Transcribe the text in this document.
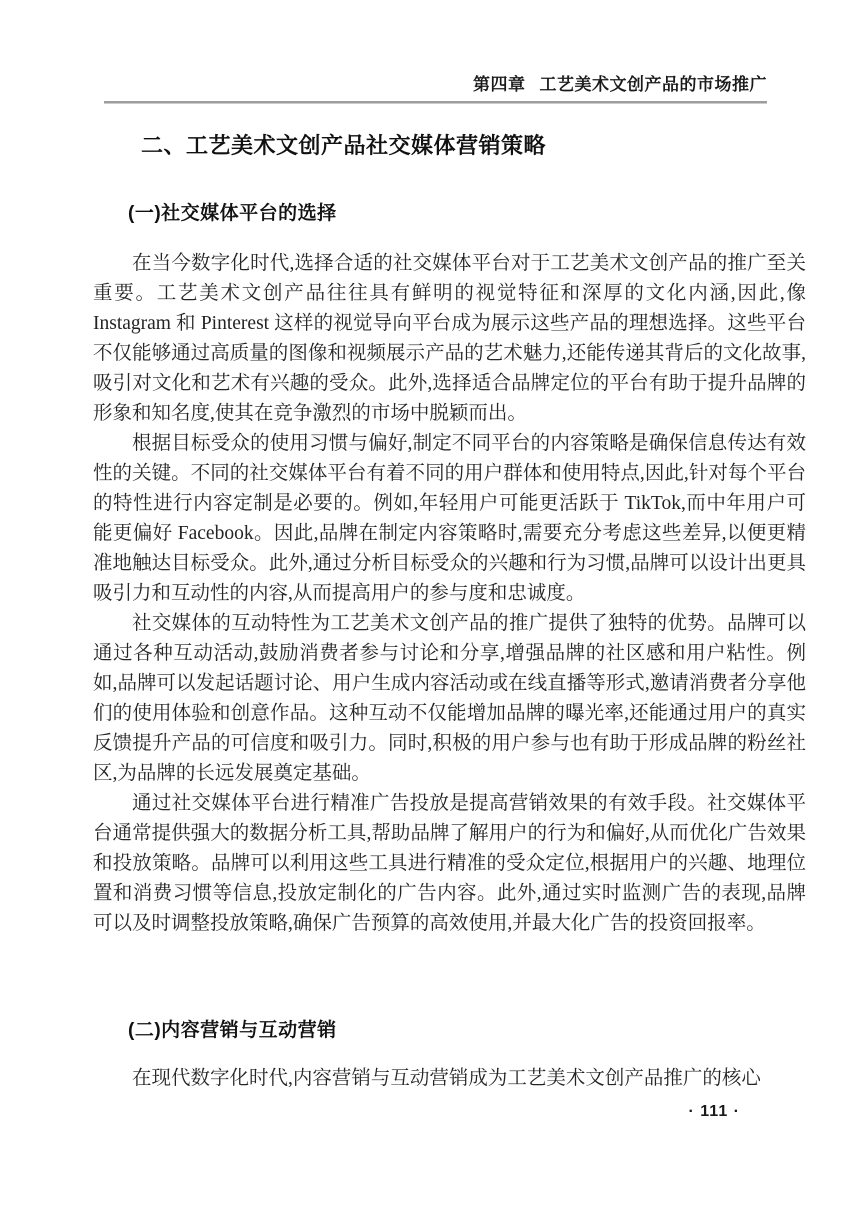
第四章 工艺美术文创产品的市场推广
二、工艺美术文创产品社交媒体营销策略
(一)社交媒体平台的选择

在当今数字化时代,选择合适的社交媒体平台对于工艺美术文创产品的推广至关重要。工艺美术文创产品往往具有鲜明的视觉特征和深厚的文化内涵,因此,像 Instagram 和 Pinterest 这样的视觉导向平台成为展示这些产品的理想选择。这些平台不仅能够通过高质量的图像和视频展示产品的艺术魅力,还能传递其背后的文化故事,吸引对文化和艺术有兴趣的受众。此外,选择适合品牌定位的平台有助于提升品牌的形象和知名度,使其在竞争激烈的市场中脱颖而出。

根据目标受众的使用习惯与偏好,制定不同平台的内容策略是确保信息传达有效性的关键。不同的社交媒体平台有着不同的用户群体和使用特点,因此,针对每个平台的特性进行内容定制是必要的。例如,年轻用户可能更活跃于 TikTok,而中年用户可能更偏好 Facebook。因此,品牌在制定内容策略时,需要充分考虑这些差异,以便更精准地触达目标受众。此外,通过分析目标受众的兴趣和行为习惯,品牌可以设计出更具吸引力和互动性的内容,从而提高用户的参与度和忠诚度。

社交媒体的互动特性为工艺美术文创产品的推广提供了独特的优势。品牌可以通过各种互动活动,鼓励消费者参与讨论和分享,增强品牌的社区感和用户粘性。例如,品牌可以发起话题讨论、用户生成内容活动或在线直播等形式,邀请消费者分享他们的使用体验和创意作品。这种互动不仅能增加品牌的曝光率,还能通过用户的真实反馈提升产品的可信度和吸引力。同时,积极的用户参与也有助于形成品牌的粉丝社区,为品牌的长远发展奠定基础。

通过社交媒体平台进行精准广告投放是提高营销效果的有效手段。社交媒体平台通常提供强大的数据分析工具,帮助品牌了解用户的行为和偏好,从而优化广告效果和投放策略。品牌可以利用这些工具进行精准的受众定位,根据用户的兴趣、地理位置和消费习惯等信息,投放定制化的广告内容。此外,通过实时监测广告的表现,品牌可以及时调整投放策略,确保广告预算的高效使用,并最大化广告的投资回报率。

(二)内容营销与互动营销

在现代数字化时代,内容营销与互动营销成为工艺美术文创产品推广的核心

· 111 ·
